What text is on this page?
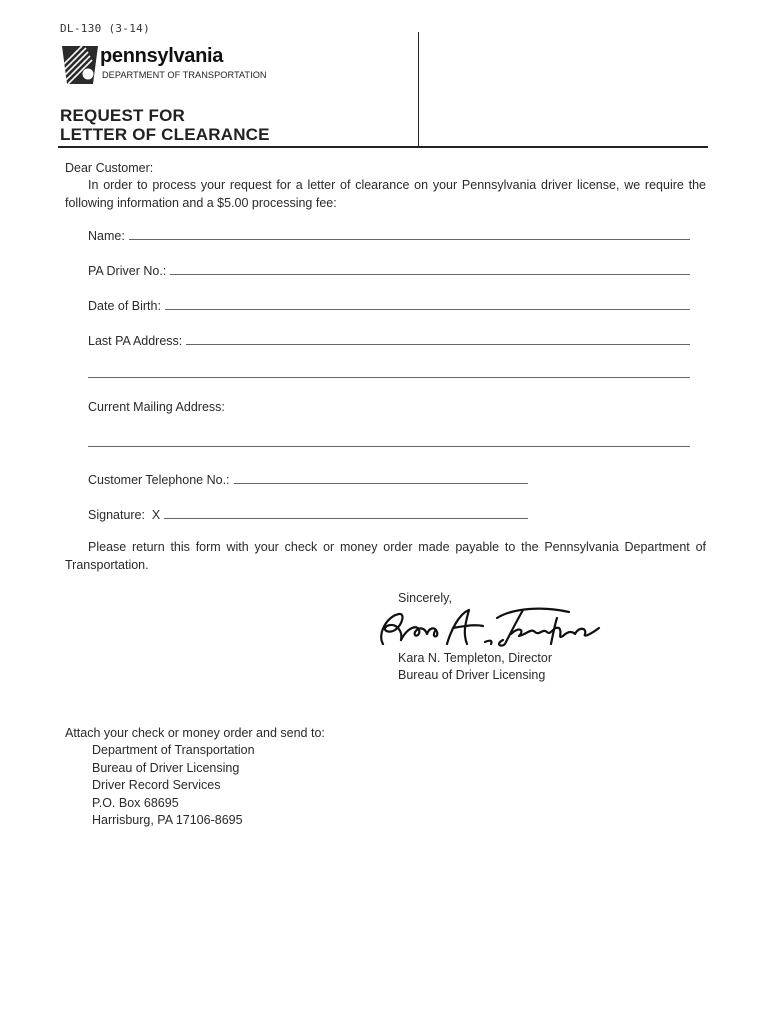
DL-130 (3-14)
pennsylvania
DEPARTMENT OF TRANSPORTATION
REQUEST FOR
LETTER OF CLEARANCE
Dear Customer:
In order to process your request for a letter of clearance on your Pennsylvania driver license, we require the following information and a $5.00 processing fee:
Name:
PA Driver No.:
Date of Birth:
Last PA Address:
Current Mailing Address:
Customer Telephone No.:
Signature:  X
Please return this form with your check or money order made payable to the Pennsylvania Department of Transportation.
Sincerely,
Kara N. Templeton, Director
Bureau of Driver Licensing
Attach your check or money order and send to:
Department of Transportation
Bureau of Driver Licensing
Driver Record Services
P.O. Box 68695
Harrisburg, PA 17106-8695
